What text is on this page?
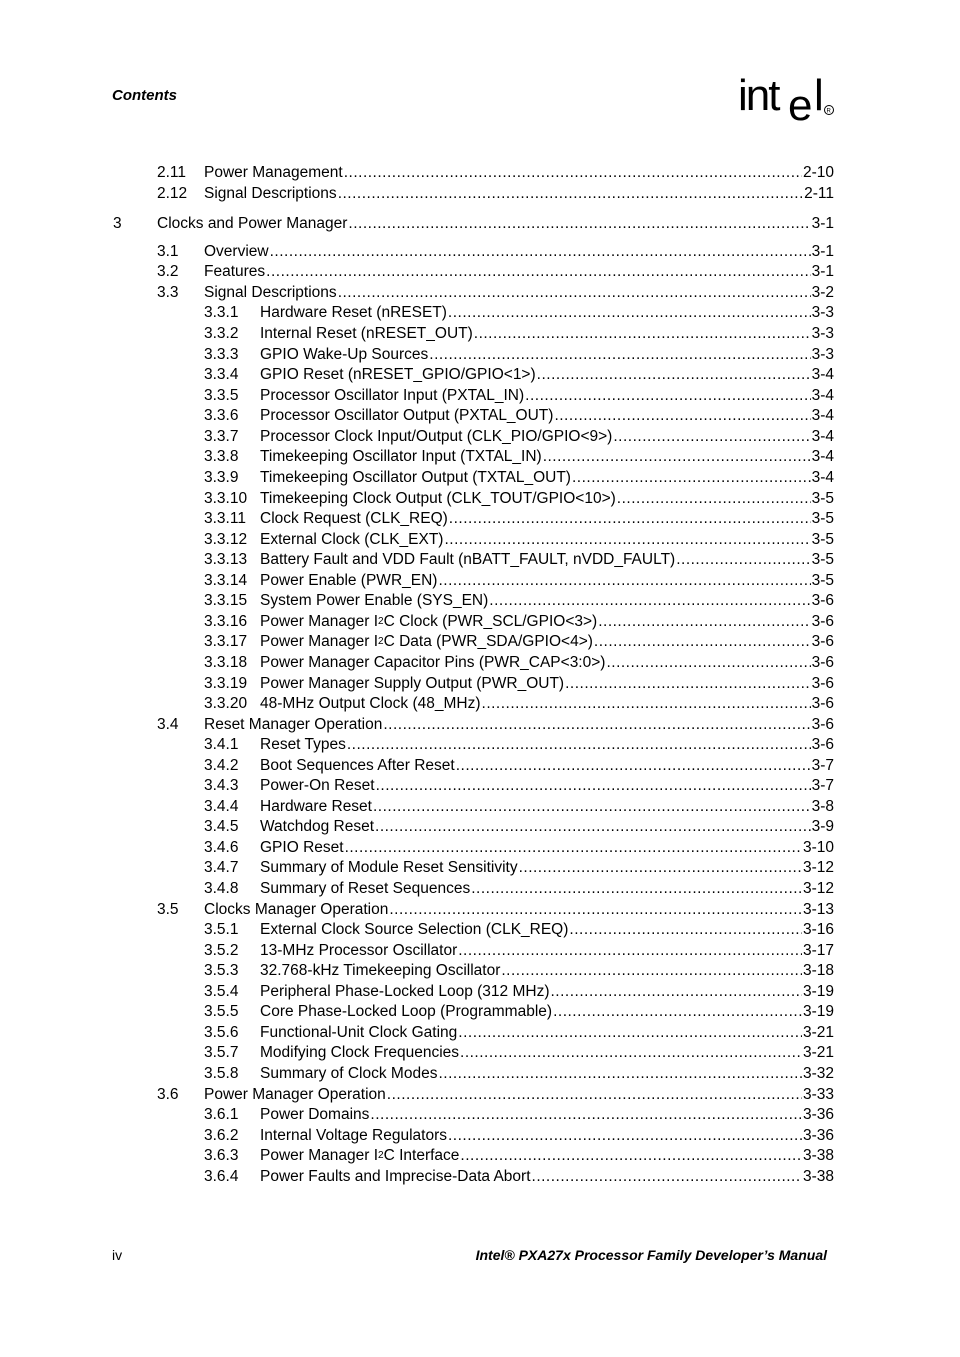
Contents	int e l R
2.11	Power Management .....	2-10
2.12	Signal Descriptions .....	2-11
3	Clocks and Power Manager .....	3-1
3.1	Overview .....	3-1
3.2	Features .....	3-1
3.3	Signal Descriptions .....	3-2
3.3.1	Hardware Reset (nRESET) .....	3-3
3.3.2	Internal Reset (nRESET_OUT) .....	3-3
3.3.3	GPIO Wake-Up Sources .....	3-3
3.3.4	GPIO Reset (nRESET_GPIO/GPIO<1>) .....	3-4
3.3.5	Processor Oscillator Input (PXTAL_IN) .....	3-4
3.3.6	Processor Oscillator Output (PXTAL_OUT) .....	3-4
3.3.7	Processor Clock Input/Output (CLK_PIO/GPIO<9>) .....	3-4
3.3.8	Timekeeping Oscillator Input (TXTAL_IN) .....	3-4
3.3.9	Timekeeping Oscillator Output (TXTAL_OUT) .....	3-4
3.3.10 Timekeeping Clock Output (CLK_TOUT/GPIO<10>) .....	3-5
3.3.11 Clock Request (CLK_REQ) .....	3-5
3.3.12 External Clock (CLK_EXT) .....	3-5
3.3.13 Battery Fault and VDD Fault (nBATT_FAULT, nVDD_FAULT) .....	3-5
3.3.14 Power Enable (PWR_EN) .....	3-5
3.3.15 System Power Enable (SYS_EN) .....	3-6
3.3.16 Power Manager $I^2C$ Clock (PWR_SCL/GPIO<3>) .....	3-6
3.3.17 Power Manager $I^2C$ Data (PWR_SDA/GPIO<4>) .....	3-6
3.3.18 Power Manager Capacitor Pins (PWR_CAP<3:0>) .....	3-6
3.3.19 Power Manager Supply Output (PWR_OUT) .....	3-6
3.3.20 48-MHz Output Clock (48_MHz) .....	3-6
3.4	Reset Manager Operation .....	3-6
3.4.1	Reset Types .....	3-6
3.4.2	Boot Sequences After Reset .....	3-7
3.4.3	Power-On Reset .....	3-7
3.4.4	Hardware Reset .....	3-8
3.4.5	Watchdog Reset .....	3-9
3.4.6	GPIO Reset .....	3-10
3.4.7	Summary of Module Reset Sensitivity .....	3-12
3.4.8	Summary of Reset Sequences .....	3-12
3.5	Clocks Manager Operation .....	3-13
3.5.1	External Clock Source Selection (CLK_REQ) .....	3-16
3.5.2	13-MHz Processor Oscillator .....	3-17
3.5.3	32.768-kHz Timekeeping Oscillator .....	3-18
3.5.4	Peripheral Phase-Locked Loop (312 MHz) .....	3-19
3.5.5	Core Phase-Locked Loop (Programmable) .....	3-19
3.5.6	Functional-Unit Clock Gating .....	3-21
3.5.7	Modifying Clock Frequencies .....	3-21
3.5.8	Summary of Clock Modes .....	3-32
3.6	Power Manager Operation .....	3-33
3.6.1	Power Domains .....	3-36
3.6.2	Internal Voltage Regulators .....	3-36
3.6.3	Power Manager $I^2C$ Interface .....	3-38
3.6.4	Power Faults and Imprecise-Data Abort .....	3-38
iv	Intel® PXA27x Processor Family Developer’s Manual
